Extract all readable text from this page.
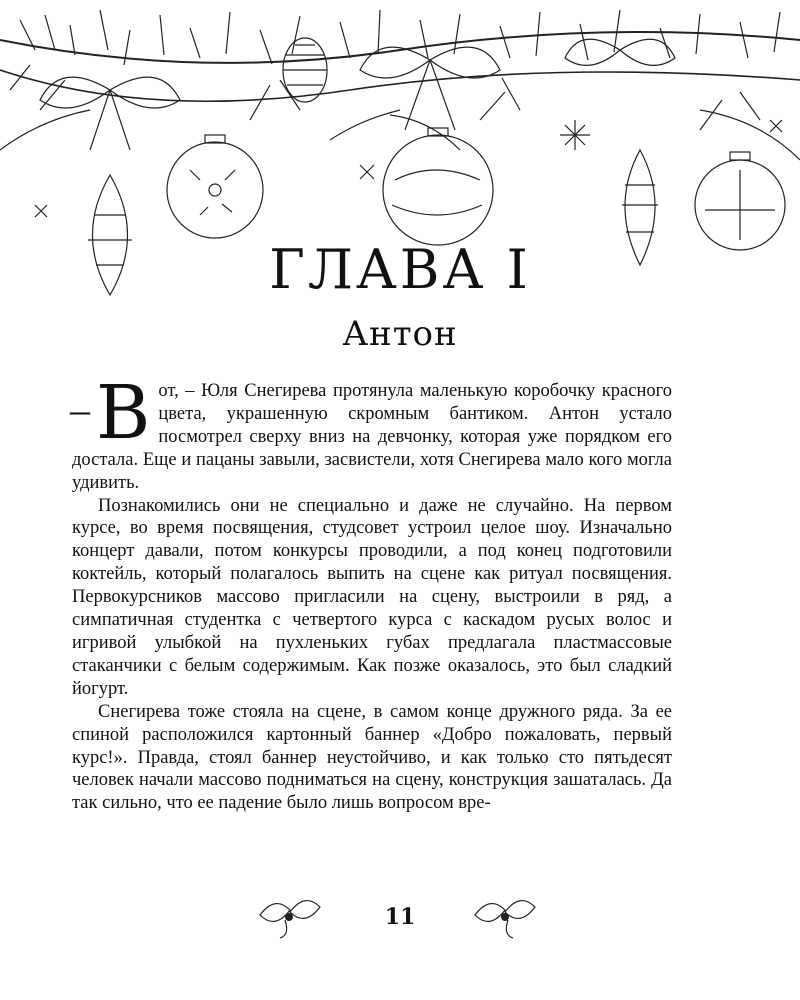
ГЛАВА I
Антон

– В от, – Юля Снегирева протянула маленькую коробочку красного цвета, украшенную скромным бантиком. Антон устало посмотрел сверху вниз на девчонку, которая уже порядком его достала. Еще и пацаны завыли, засвистели, хотя Снегирева мало кого могла удивить.

Познакомились они не специально и даже не случайно. На первом курсе, во время посвящения, студсовет устроил целое шоу. Изначально концерт давали, потом конкурсы проводили, а под конец подготовили коктейль, который полагалось выпить на сцене как ритуал посвящения. Первокурсников массово пригласили на сцену, выстроили в ряд, а симпатичная студентка с четвертого курса с каскадом русых волос и игривой улыбкой на пухленьких губах предлагала пластмассовые стаканчики с белым содержимым. Как позже оказалось, это был сладкий йогурт.

Снегирева тоже стояла на сцене, в самом конце дружного ряда. За ее спиной расположился картонный баннер «Добро пожаловать, первый курс!». Правда, стоял баннер неустойчиво, и как только сто пятьдесят человек начали массово подниматься на сцену, конструкция зашаталась. Да так сильно, что ее падение было лишь вопросом вре-

11
